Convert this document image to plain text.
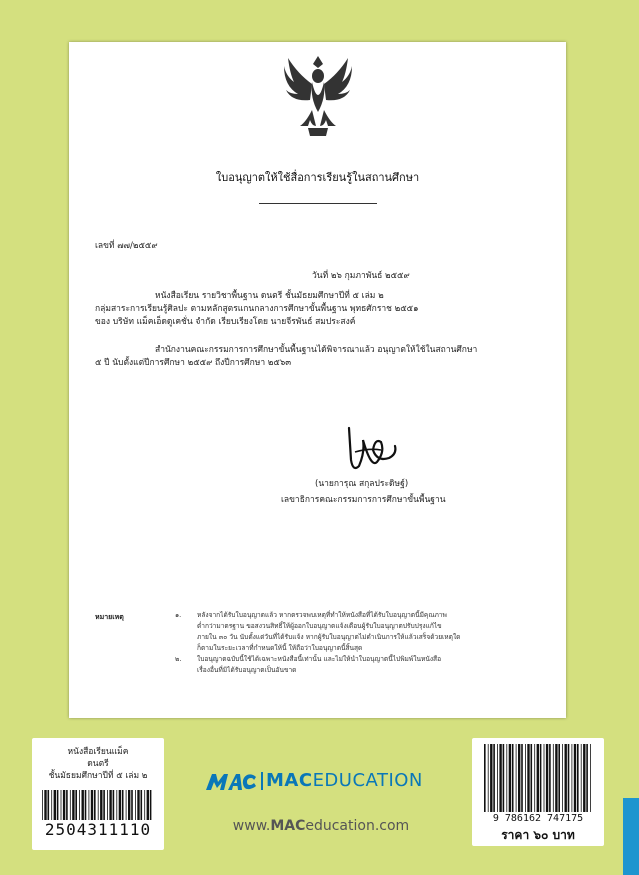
ใบอนุญาตให้ใช้สื่อการเรียนรู้ในสถานศึกษา
เลขที่ ๗๗/๒๕๕๙
วันที่ ๒๖ กุมภาพันธ์ ๒๕๕๙

หนังสือเรียน รายวิชาพื้นฐาน ดนตรี ชั้นมัธยมศึกษาปีที่ ๕ เล่ม ๒

กลุ่มสาระการเรียนรู้ศิลปะ ตามหลักสูตรแกนกลางการศึกษาขั้นพื้นฐาน พุทธศักราช ๒๕๕๑

ของ บริษัท แม็คเอ็ดดูเคชั่น จำกัด เรียบเรียงโดย นายจีรพันธ์ สมประสงค์

สำนักงานคณะกรรมการการศึกษาขั้นพื้นฐานได้พิจารณาแล้ว อนุญาตให้ใช้ในสถานศึกษา

๕ ปี นับตั้งแต่ปีการศึกษา ๒๕๕๙ ถึงปีการศึกษา ๒๕๖๓

(นายการุณ สกุลประดิษฐ์)
เลขาธิการคณะกรรมการการศึกษาขั้นพื้นฐาน
หมายเหตุ	๑. หลังจากได้รับใบอนุญาตแล้ว หากตรวจพบเหตุที่ทำให้หนังสือที่ได้รับใบอนุญาตนี้มีคุณภาพ

ต่ำกว่ามาตรฐาน ขอสงวนสิทธิ์ให้ผู้ออกใบอนุญาตแจ้งเตือนผู้รับใบอนุญาตปรับปรุงแก้ไข

ภายใน ๓๐ วัน นับตั้งแต่วันที่ได้รับแจ้ง หากผู้รับใบอนุญาตไม่ดำเนินการให้แล้วเสร็จด้วยเหตุใด

ก็ตามในระยะเวลาที่กำหนดให้นี้ ให้ถือว่าใบอนุญาตนี้สิ้นสุด

๒. ใบอนุญาตฉบับนี้ใช้ได้เฉพาะหนังสือนี้เท่านั้น และไม่ให้นำใบอนุญาตนี้ไปพิมพ์ในหนังสือ

เรื่องอื่นที่มิได้รับอนุญาตเป็นอันขาด

หนังสือเรียนแม็ค
ดนตรี
ชั้นมัธยมศึกษาปีที่ ๕ เล่ม ๒
2504311110
MACEDUCATION
www.MACeducation.com	9 786162 747175
ราคา ๖๐ บาท
